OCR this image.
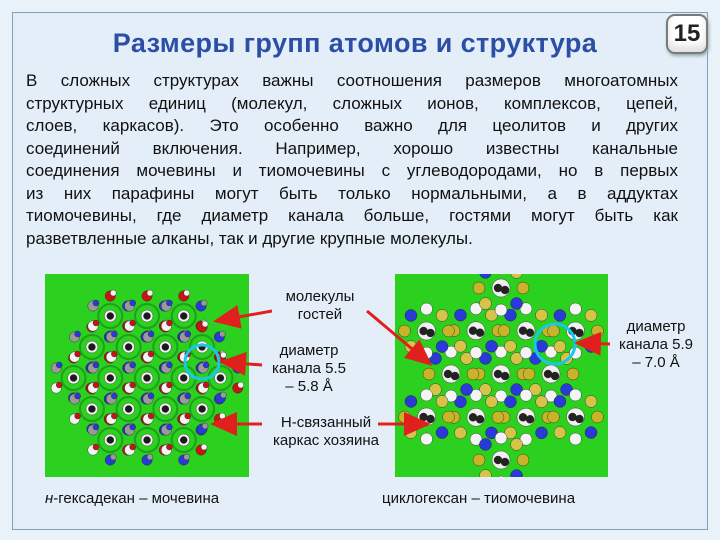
Размеры групп атомов и структура	15
В сложных структурах важны соотношения размеров многоатомных
структурных единиц (молекул, сложных ионов, комплексов, цепей,
слоев, каркасов). Это особенно важно для цеолитов и других
соединений включения. Например, хорошо известны канальные
соединения мочевины и тиомочевины с углеводородами, но в первых
из них парафины могут быть только нормальными, а в аддуктах
тиомочевины, где диаметр канала больше, гостями могут быть как
разветвленные алканы, так и другие крупные молекулы.
молекулы
гостей
диаметр
канала 5.5
– 5.8 Å
диаметр
канала 5.9
– 7.0 Å
Н-связанный
каркас хозяина
н-гексадекан – мочевина	циклогексан – тиомочевина
